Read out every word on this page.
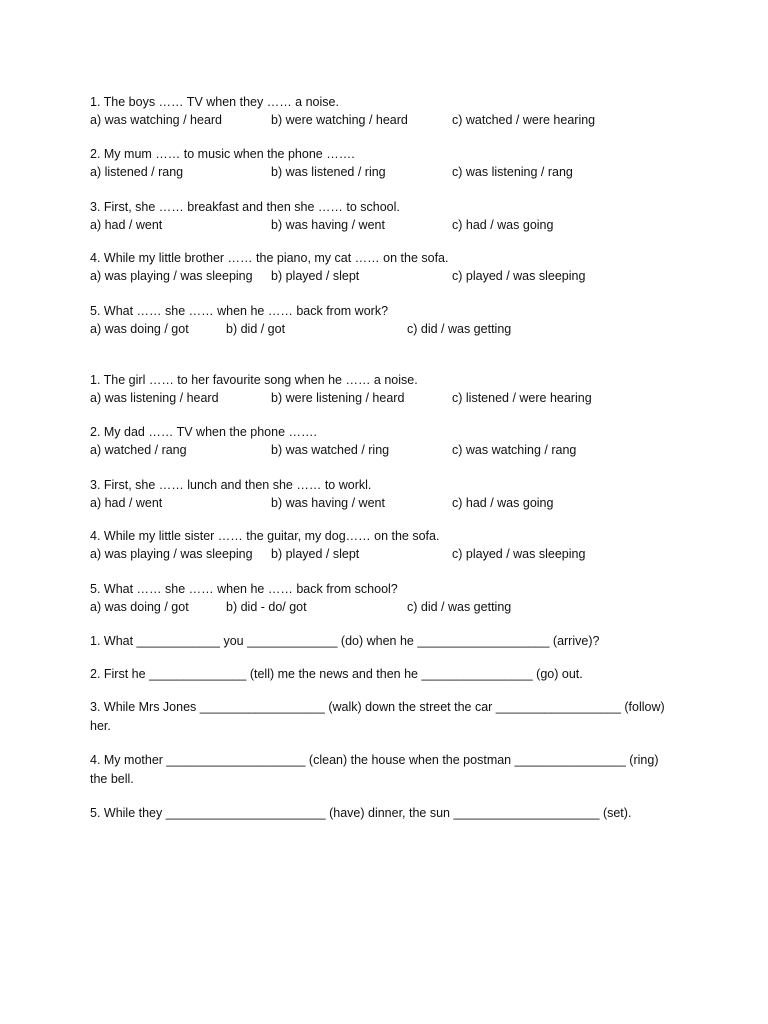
1. The boys …… TV when they …… a noise.
a) was watching / heard	b) were watching / heard	c) watched / were hearing
2. My mum …… to music when the phone …….
a) listened / rang	b) was listened / ring	c) was listening / rang
3. First, she …… breakfast and then she …… to school.
a) had / went	b) was having / went	c) had / was going
4. While my little brother …… the piano, my cat …… on the sofa.
a) was playing / was sleeping b) played / slept	c) played / was sleeping
5. What …… she …… when he …… back from work?
a) was doing / got	b) did / got	c) did / was getting
1. The girl …… to her favourite song when he …… a noise.
a) was listening / heard	b) were listening / heard	c) listened / were hearing
2. My dad …… TV when the phone …….
a) watched / rang	b) was watched / ring	c) was watching / rang
3. First, she …… lunch and then she …… to workl.
a) had / went	b) was having / went	c) had / was going
4. While my little sister …… the guitar, my dog…… on the sofa.
a) was playing / was sleeping b) played / slept	c) played / was sleeping
5. What …… she …… when he …… back from school?
a) was doing / got	b) did - do/ got	c) did / was getting
1. What ____________ you _____________ (do) when he ___________________ (arrive)?
2. First he ______________ (tell) me the news and then he ________________ (go) out.
3. While Mrs Jones __________________ (walk) down the street the car __________________ (follow)
her.
4. My mother ____________________ (clean) the house when the postman ________________ (ring)
the bell.
5. While they _______________________ (have) dinner, the sun _____________________ (set).
